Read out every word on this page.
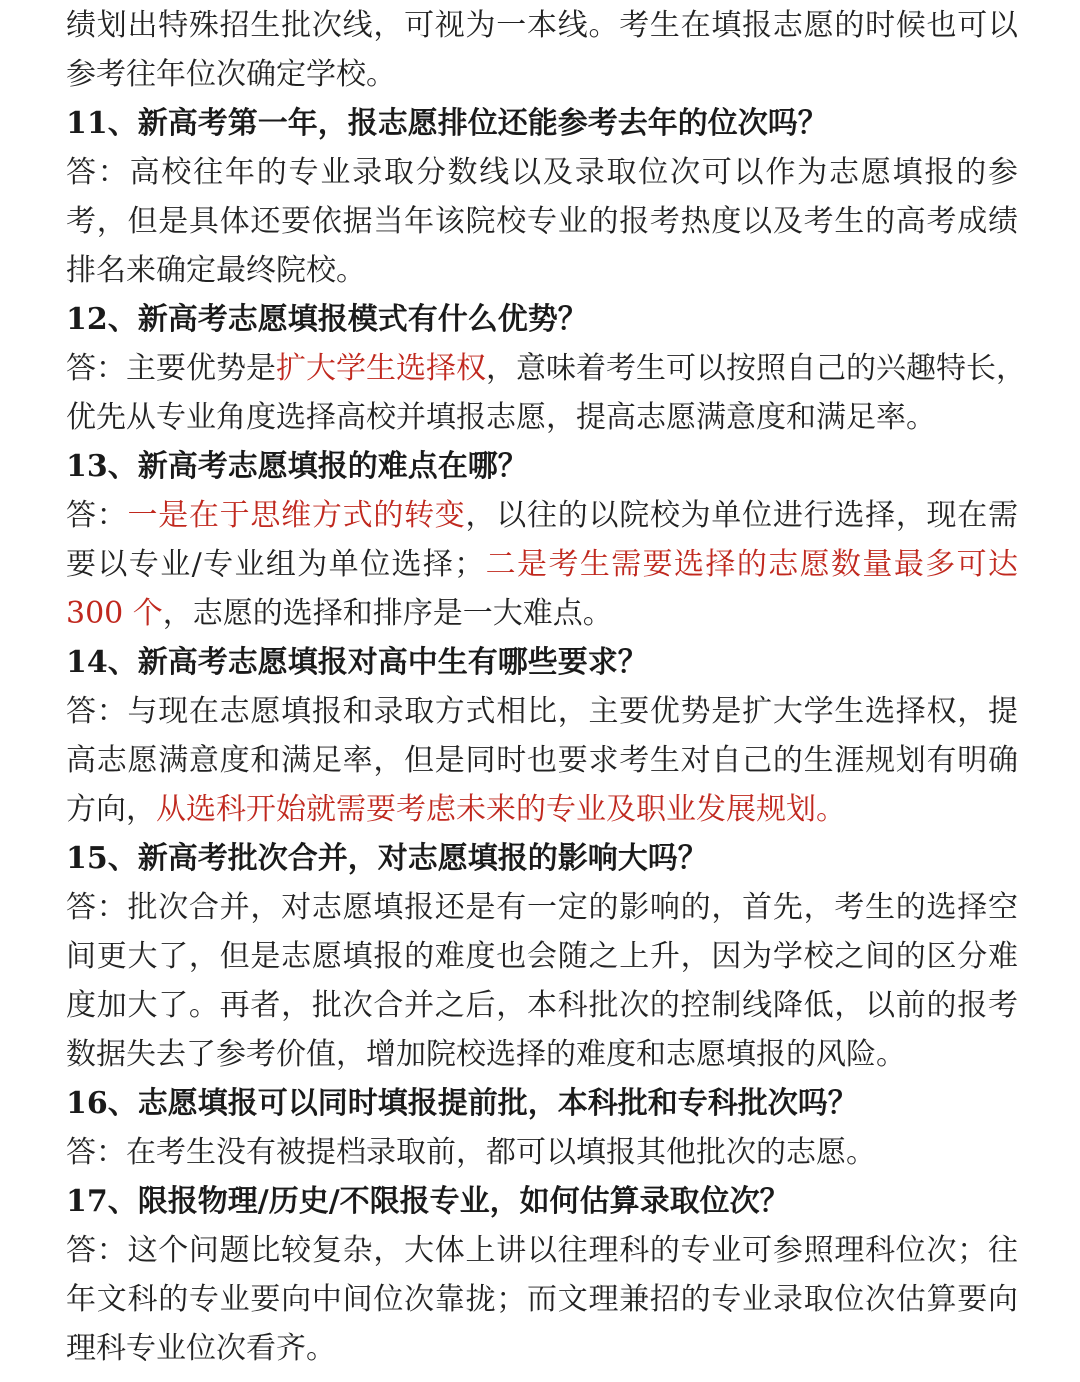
绩划出特殊招生批次线，可视为一本线。考生在填报志愿的时候也可以
参考往年位次确定学校。
11、新高考第一年，报志愿排位还能参考去年的位次吗？
答：高校往年的专业录取分数线以及录取位次可以作为志愿填报的参
考，但是具体还要依据当年该院校专业的报考热度以及考生的高考成绩
排名来确定最终院校。
12、新高考志愿填报模式有什么优势？
答：主要优势是扩大学生选择权，意味着考生可以按照自己的兴趣特长，
优先从专业角度选择高校并填报志愿，提高志愿满意度和满足率。
13、新高考志愿填报的难点在哪？
答：一是在于思维方式的转变，以往的以院校为单位进行选择，现在需
要以专业/专业组为单位选择；二是考生需要选择的志愿数量最多可达
300 个，志愿的选择和排序是一大难点。
14、新高考志愿填报对高中生有哪些要求？
答：与现在志愿填报和录取方式相比，主要优势是扩大学生选择权，提
高志愿满意度和满足率，但是同时也要求考生对自己的生涯规划有明确
方向，从选科开始就需要考虑未来的专业及职业发展规划。
15、新高考批次合并，对志愿填报的影响大吗？
答：批次合并，对志愿填报还是有一定的影响的，首先，考生的选择空
间更大了，但是志愿填报的难度也会随之上升，因为学校之间的区分难
度加大了。再者，批次合并之后，本科批次的控制线降低，以前的报考
数据失去了参考价值，增加院校选择的难度和志愿填报的风险。
16、志愿填报可以同时填报提前批，本科批和专科批次吗？
答：在考生没有被提档录取前，都可以填报其他批次的志愿。
17、限报物理/历史/不限报专业，如何估算录取位次？
答：这个问题比较复杂，大体上讲以往理科的专业可参照理科位次；往
年文科的专业要向中间位次靠拢；而文理兼招的专业录取位次估算要向
理科专业位次看齐。
